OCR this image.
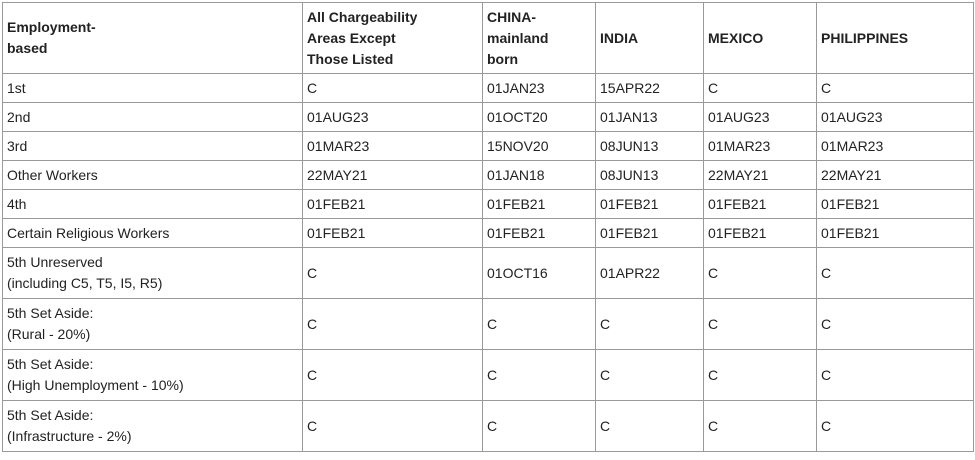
Employment-
based	All Chargeability
Areas Except
Those Listed	CHINA-
mainland
born	INDIA	MEXICO	PHILIPPINES
1st	C	01JAN23	15APR22	C	C
2nd	01AUG23	01OCT20	01JAN13	01AUG23	01AUG23
3rd	01MAR23	15NOV20	08JUN13	01MAR23	01MAR23
Other Workers	22MAY21	01JAN18	08JUN13	22MAY21	22MAY21
4th	01FEB21	01FEB21	01FEB21	01FEB21	01FEB21
Certain Religious Workers	01FEB21	01FEB21	01FEB21	01FEB21	01FEB21
5th Unreserved
(including C5, T5, I5, R5)	C	01OCT16	01APR22	C	C
5th Set Aside:
(Rural - 20%)	C	C	C	C	C
5th Set Aside:
(High Unemployment - 10%)	C	C	C	C	C
5th Set Aside:
(Infrastructure - 2%)	C	C	C	C	C
